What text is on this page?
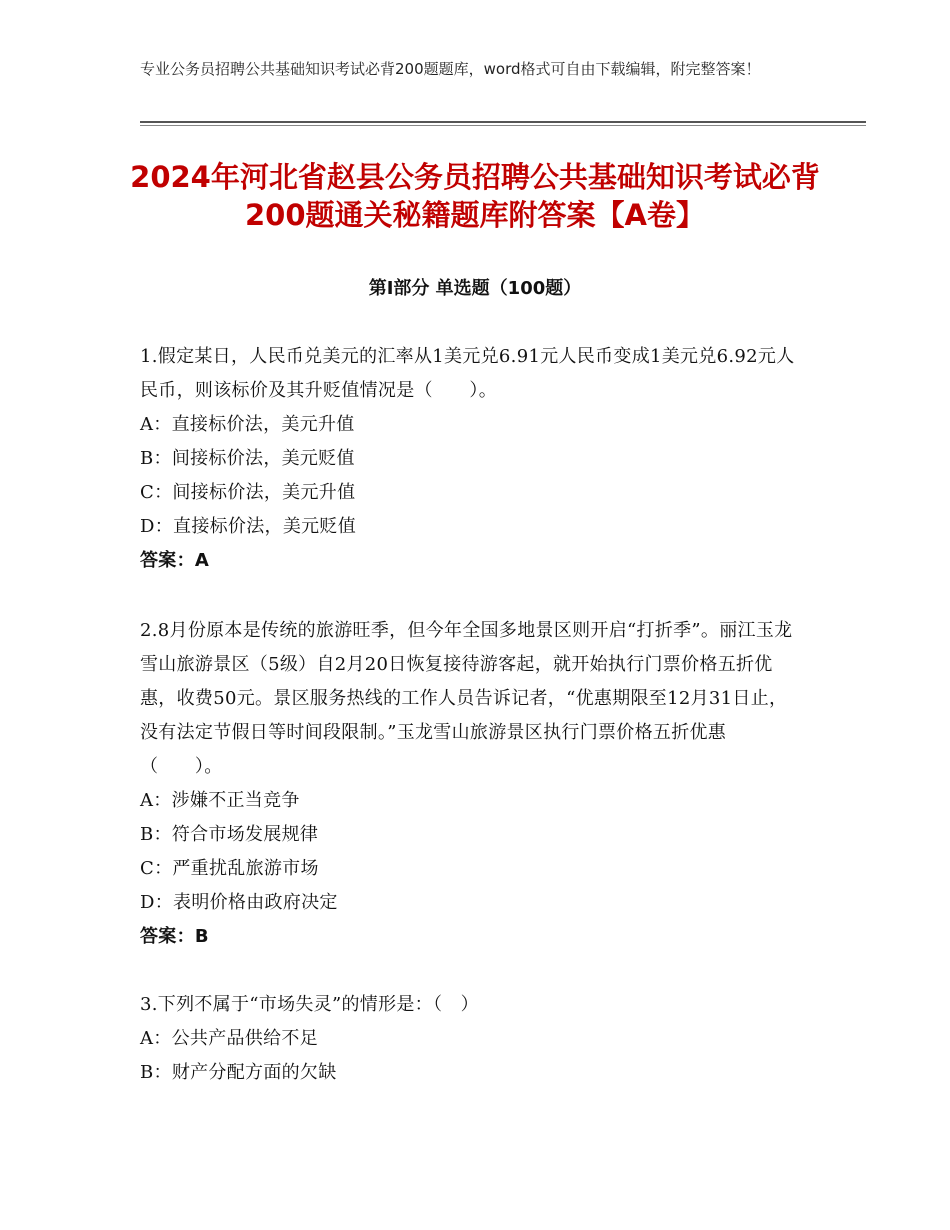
专业公务员招聘公共基础知识考试必背200题题库，word格式可自由下载编辑，附完整答案！
2024年河北省赵县公务员招聘公共基础知识考试必背200题通关秘籍题库附答案【A卷】
第Ⅰ部分 单选题（100题）

1.假定某日，人民币兑美元的汇率从1美元兑6.91元人民币变成1美元兑6.92元人民币，则该标价及其升贬值情况是（　　）。

A：直接标价法，美元升值

B：间接标价法，美元贬值

C：间接标价法，美元升值

D：直接标价法，美元贬值

答案：A

2.8月份原本是传统的旅游旺季，但今年全国多地景区则开启“打折季”。丽江玉龙雪山旅游景区（5级）自2月20日恢复接待游客起，就开始执行门票价格五折优惠，收费50元。景区服务热线的工作人员告诉记者，“优惠期限至12月31日止，没有法定节假日等时间段限制。”玉龙雪山旅游景区执行门票价格五折优惠（　　）。

A：涉嫌不正当竞争

B：符合市场发展规律

C：严重扰乱旅游市场

D：表明价格由政府决定

答案：B

3.下列不属于“市场失灵”的情形是：（　）

A：公共产品供给不足

B：财产分配方面的欠缺
